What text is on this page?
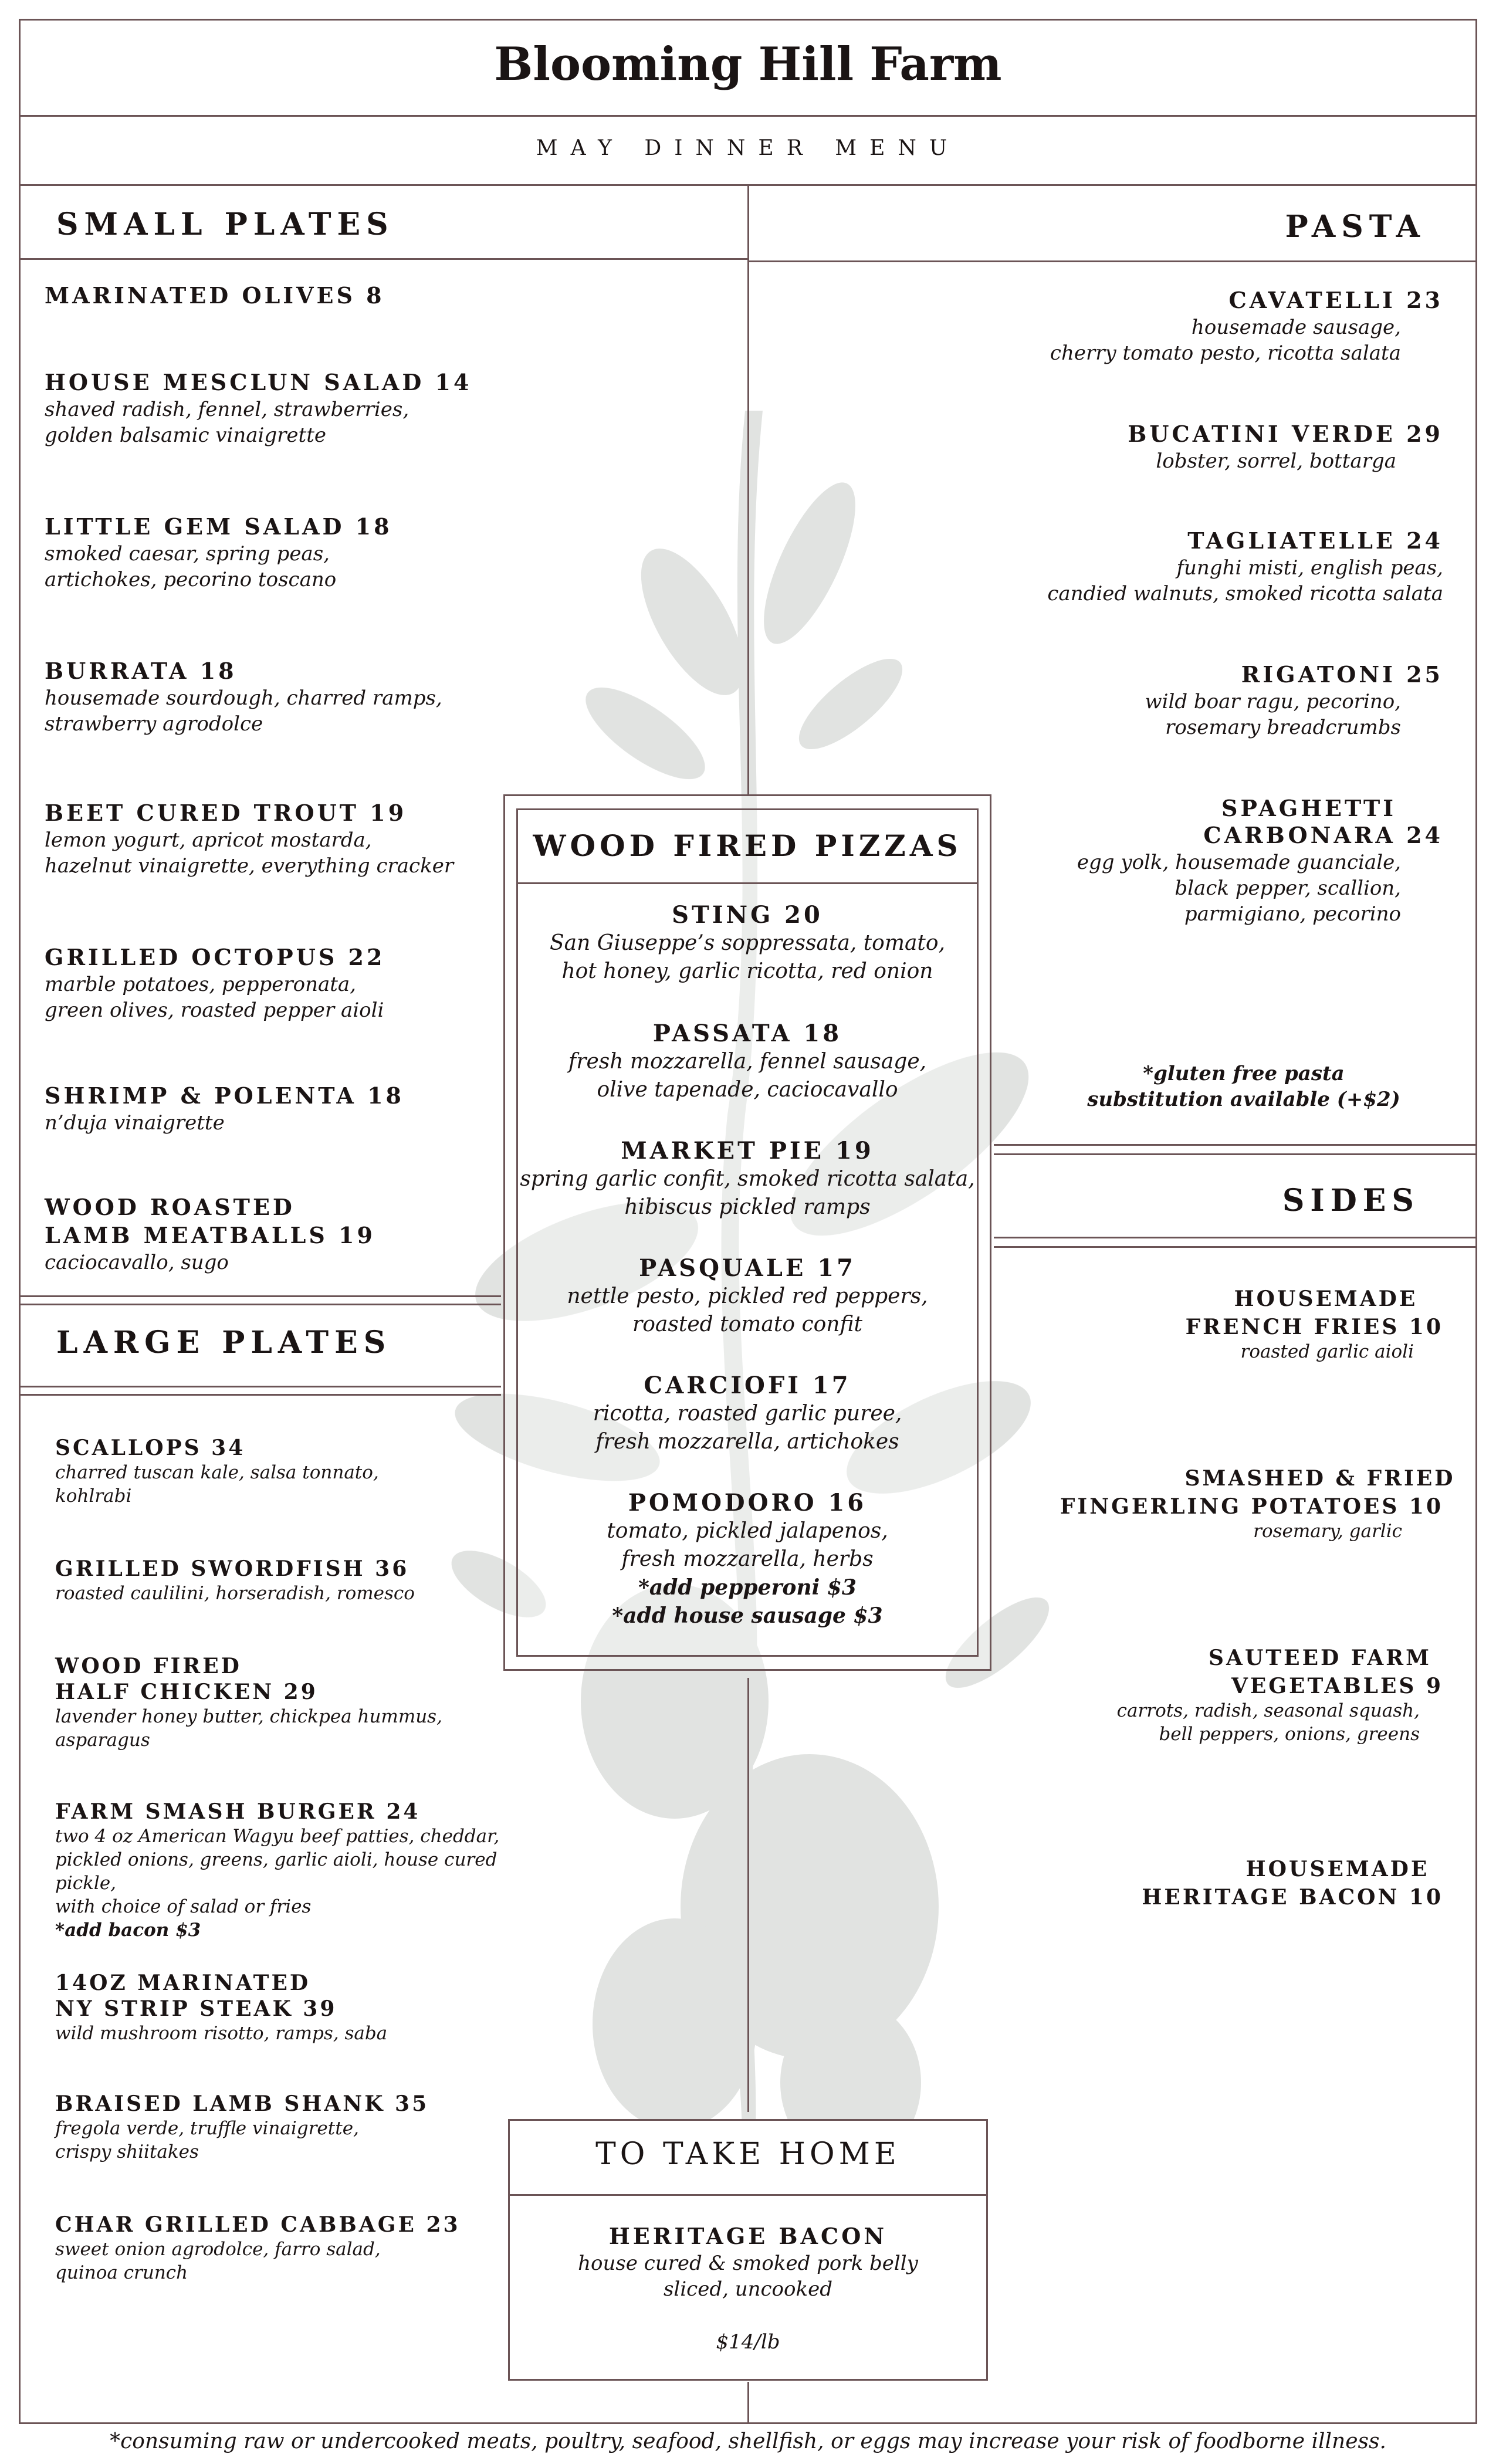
Blooming Hill Farm
MAY DINNER MENU
SMALL PLATES	PASTA
MARINATED OLIVES 8
HOUSE MESCLUN SALAD 14
shaved radish, fennel, strawberries,
golden balsamic vinaigrette
LITTLE GEM SALAD 18
smoked caesar, spring peas,
artichokes, pecorino toscano
BURRATA 18
housemade sourdough, charred ramps,
strawberry agrodolce
BEET CURED TROUT 19
lemon yogurt, apricot mostarda,
hazelnut vinaigrette, everything cracker
GRILLED OCTOPUS 22
marble potatoes, pepperonata,
green olives, roasted pepper aioli
SHRIMP & POLENTA 18
n’duja vinaigrette
WOOD ROASTED
LAMB MEATBALLS 19
caciocavallo, sugo
LARGE PLATES
SCALLOPS 34
charred tuscan kale, salsa tonnato,
kohlrabi
GRILLED SWORDFISH 36
roasted caulilini, horseradish, romesco
WOOD FIRED
HALF CHICKEN 29
lavender honey butter, chickpea hummus,
asparagus
FARM SMASH BURGER 24
two 4 oz American Wagyu beef patties, cheddar,
pickled onions, greens, garlic aioli, house cured pickle,
with choice of salad or fries
*add bacon $3
14OZ MARINATED
NY STRIP STEAK 39
wild mushroom risotto, ramps, saba
BRAISED LAMB SHANK 35
fregola verde, truffle vinaigrette,
crispy shiitakes
CHAR GRILLED CABBAGE 23
sweet onion agrodolce, farro salad,
quinoa crunch
CAVATELLI 23
housemade sausage,
cherry tomato pesto, ricotta salata
BUCATINI VERDE 29
lobster, sorrel, bottarga
TAGLIATELLE 24
funghi misti, english peas,
candied walnuts, smoked ricotta salata
RIGATONI 25
wild boar ragu, pecorino,
rosemary breadcrumbs
SPAGHETTI
CARBONARA 24
egg yolk, housemade guanciale,
black pepper, scallion,
parmigiano, pecorino
*gluten free pasta
substitution available (+$2)
SIDES
HOUSEMADE
FRENCH FRIES 10
roasted garlic aioli
SMASHED & FRIED
FINGERLING POTATOES 10
rosemary, garlic
SAUTEED FARM
VEGETABLES 9
carrots, radish, seasonal squash,
bell peppers, onions, greens
HOUSEMADE
HERITAGE BACON 10
WOOD FIRED PIZZAS
STING 20
San Giuseppe’s soppressata, tomato,
hot honey, garlic ricotta, red onion
PASSATA 18
fresh mozzarella, fennel sausage,
olive tapenade, caciocavallo
MARKET PIE 19
spring garlic confit, smoked ricotta salata,
hibiscus pickled ramps
PASQUALE 17
nettle pesto, pickled red peppers,
roasted tomato confit
CARCIOFI 17
ricotta, roasted garlic puree,
fresh mozzarella, artichokes
POMODORO 16
tomato, pickled jalapenos,
fresh mozzarella, herbs
*add pepperoni $3
*add house sausage $3
TO TAKE HOME
HERITAGE BACON
house cured & smoked pork belly
sliced, uncooked
$14/lb
*consuming raw or undercooked meats, poultry, seafood, shellfish, or eggs may increase your risk of foodborne illness.
